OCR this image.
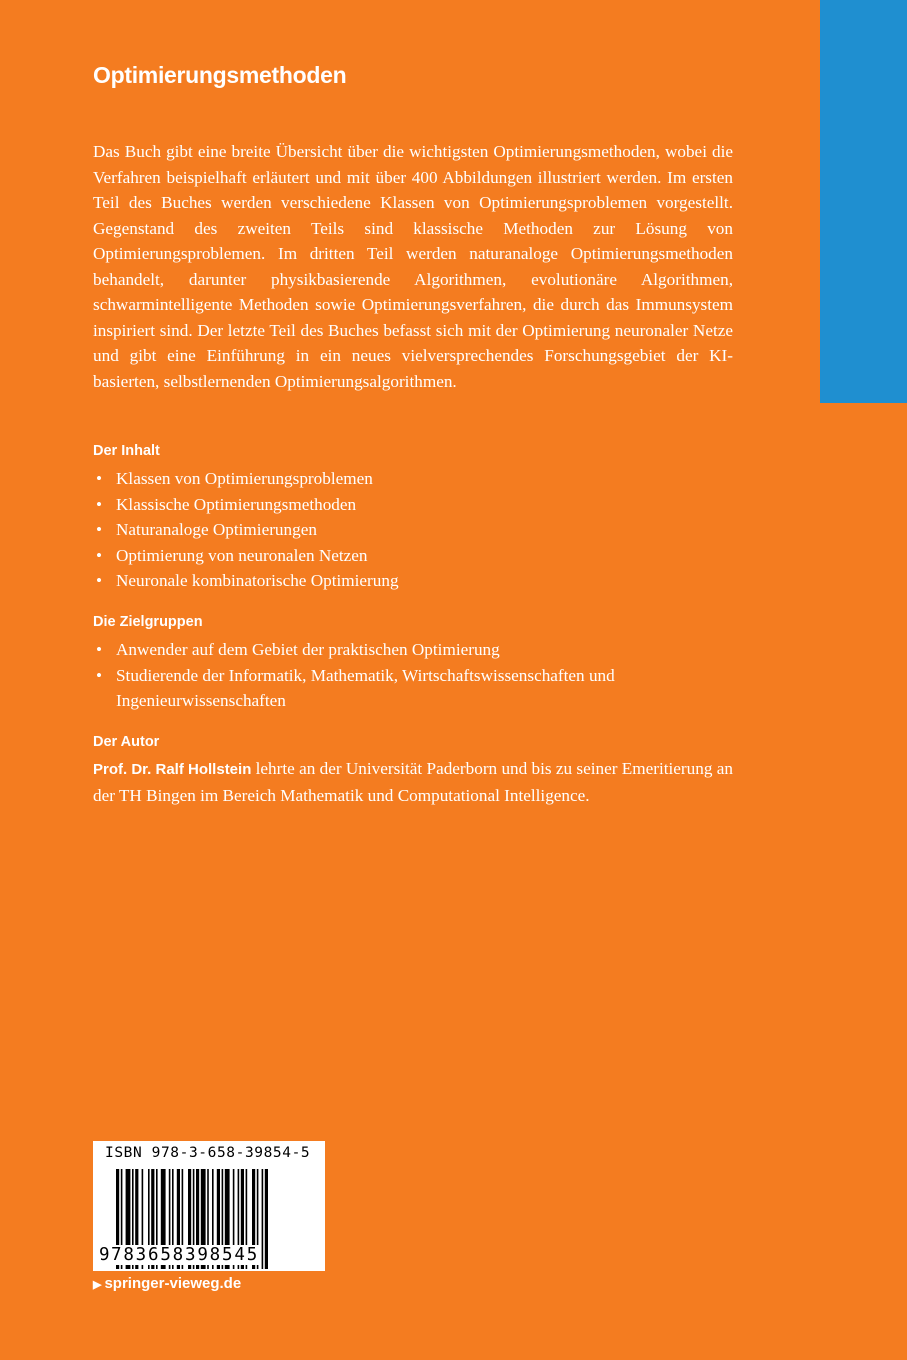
Optimierungsmethoden

Das Buch gibt eine breite Übersicht über die wichtigsten Optimierungsmethoden, wobei die Verfahren beispielhaft erläutert und mit über 400 Abbildungen illustriert werden. Im ersten Teil des Buches werden verschiedene Klassen von Optimierungsproblemen vorgestellt. Gegenstand des zweiten Teils sind klassische Methoden zur Lösung von Optimierungsproblemen. Im dritten Teil werden naturanaloge Optimierungsmethoden behandelt, darunter physikbasierende Algorithmen, evolutionäre Algorithmen, schwarmintelligente Methoden sowie Optimierungsverfahren, die durch das Immunsystem inspiriert sind. Der letzte Teil des Buches befasst sich mit der Optimierung neuronaler Netze und gibt eine Einführung in ein neues vielversprechendes Forschungsgebiet der KI-basierten, selbstlernenden Optimierungsalgorithmen.

Der Inhalt
• Klassen von Optimierungsproblemen
• Klassische Optimierungsmethoden
• Naturanaloge Optimierungen
• Optimierung von neuronalen Netzen
• Neuronale kombinatorische Optimierung
Die Zielgruppen
• Anwender auf dem Gebiet der praktischen Optimierung
• Studierende der Informatik, Mathematik, Wirtschaftswissenschaften und Ingenieurwissenschaften
Der Autor

Prof. Dr. Ralf Hollstein lehrte an der Universität Paderborn und bis zu seiner Emeritierung an der TH Bingen im Bereich Mathematik und Computational Intelligence.

ISBN 978-3-658-39854-5
783658398545
9
▶ springer-vieweg.de
